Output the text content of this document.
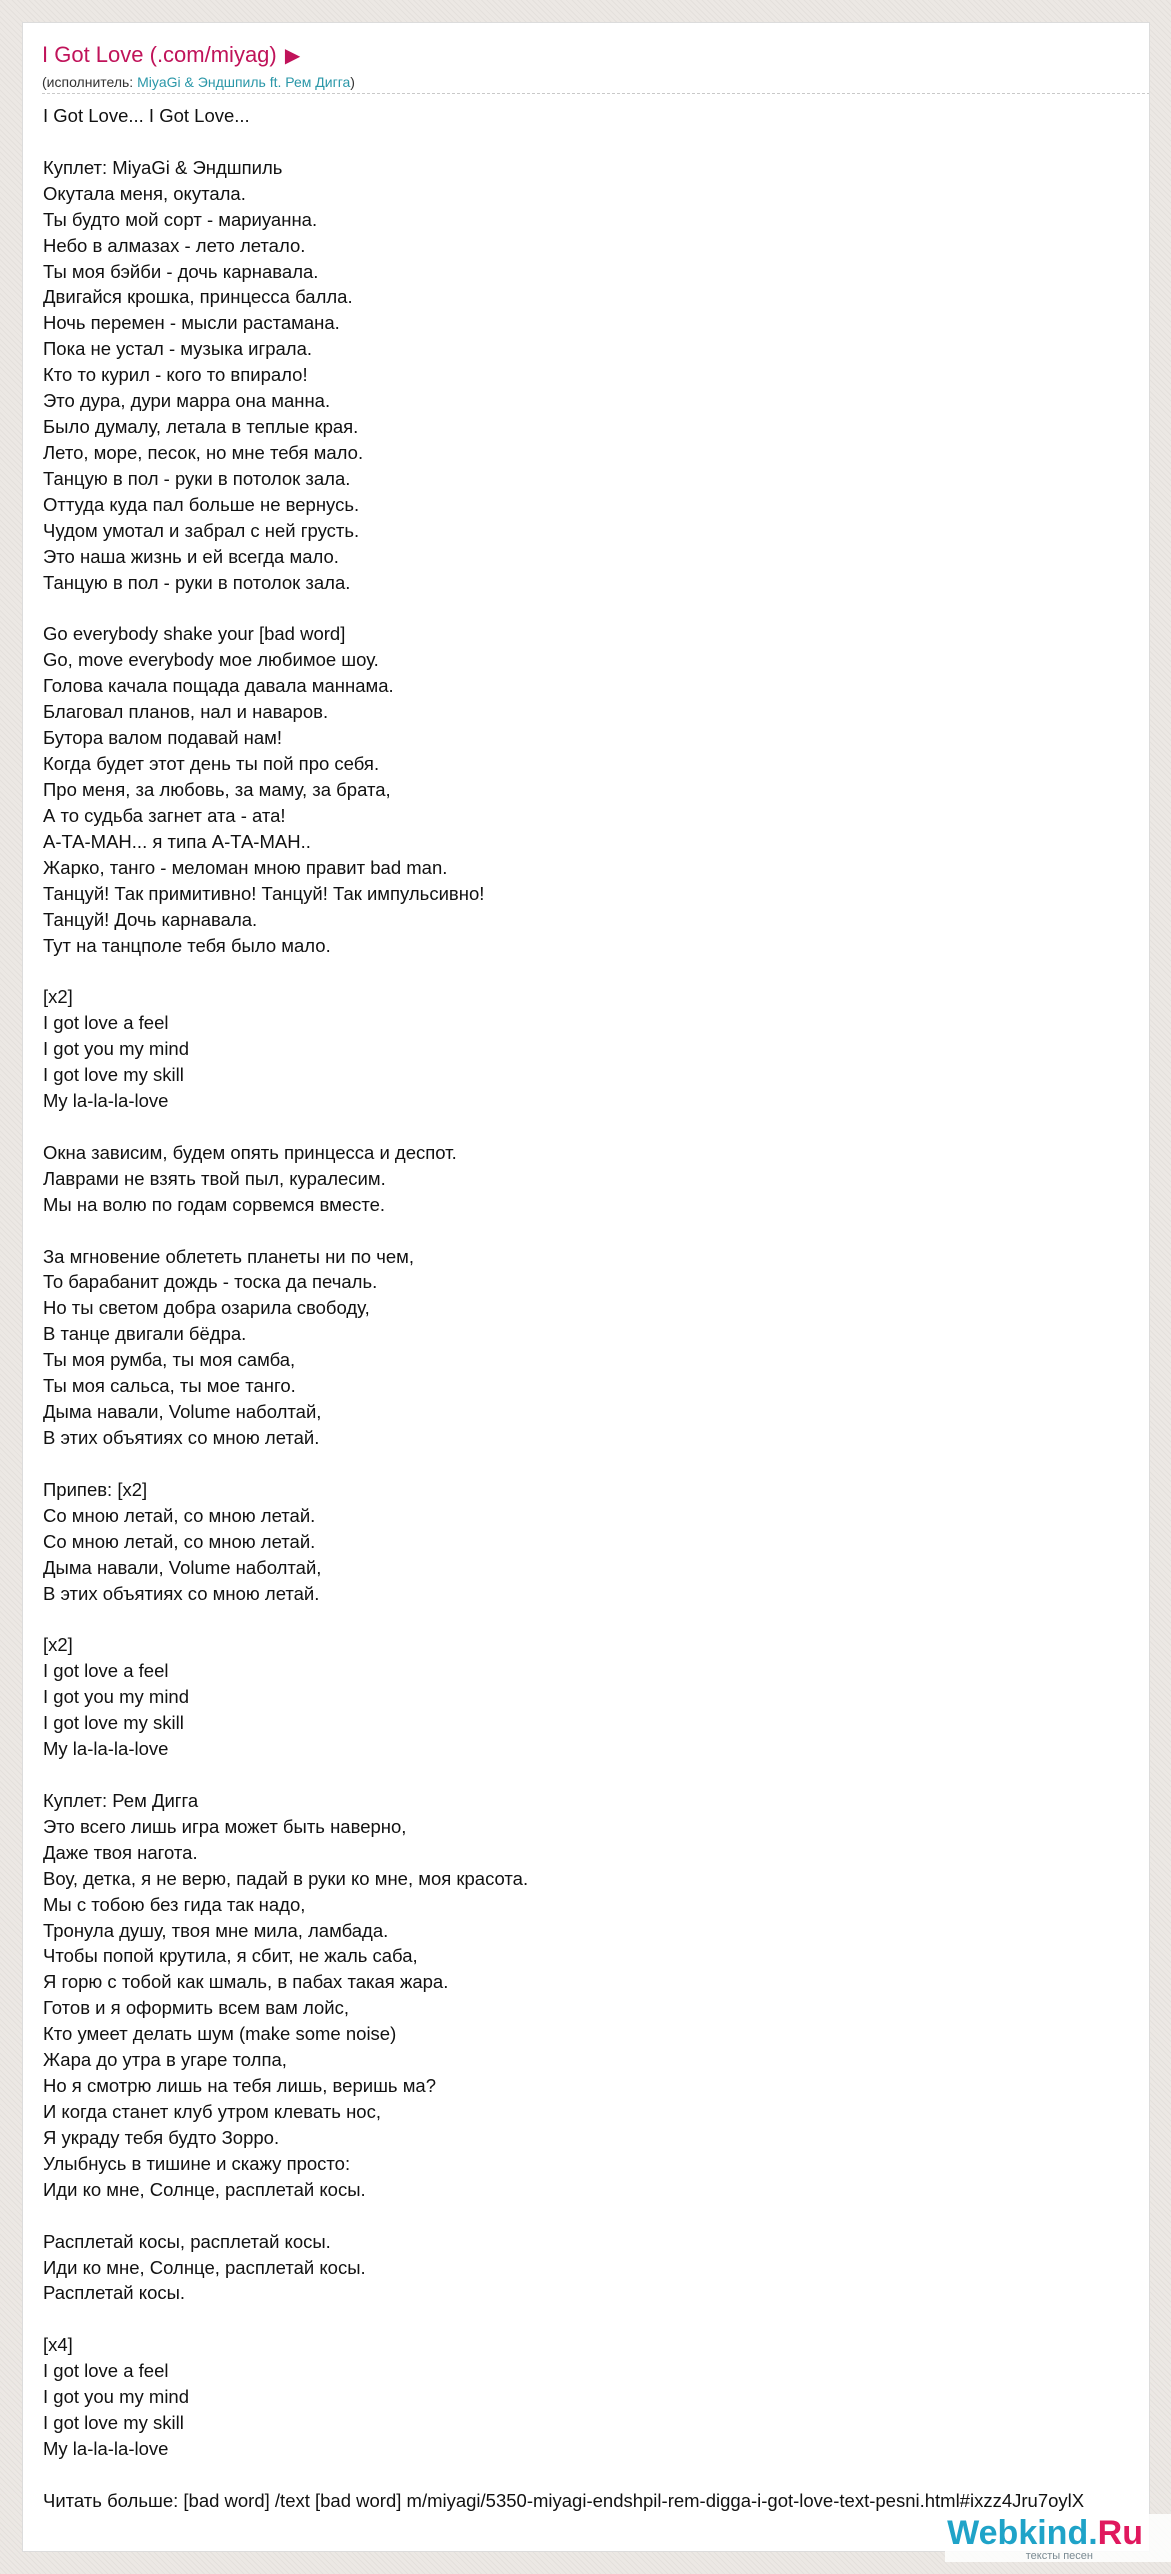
I Got Love (.com/miyag) ▶
(исполнитель: MiyaGi & Эндшпиль ft. Рем Дигга)
I Got Love... I Got Love...

Куплет: MiyaGi & Эндшпиль
Окутала меня, окутала.
Ты будто мой сорт - мариуанна.
Небо в алмазах - лето летало.
Ты моя бэйби - дочь карнавала.
Двигайся крошка, принцесса балла.
Ночь перемен - мысли растамана.
Пока не устал - музыка играла.
Кто то курил - кого то впирало!
Это дура, дури марра она манна.
Было думалу, летала в теплые края.
Лето, море, песок, но мне тебя мало.
Танцую в пол - руки в потолок зала.
Оттуда куда пал больше не вернусь.
Чудом умотал и забрал с ней грусть.
Это наша жизнь и ей всегда мало.
Танцую в пол - руки в потолок зала.

Go everybody shake your [bad word]
Go, move everybody мое любимое шоу.
Голова качала пощада давала маннама.
Благовал планов, нал и наваров.
Бутора валом подавай нам!
Когда будет этот день ты пой про себя.
Про меня, за любовь, за маму, за брата,
А то судьба загнет ата - ата!
А-ТА-МАН... я типа А-ТА-МАН..
Жарко, танго - меломан мною правит bad man.
Танцуй! Так примитивно! Танцуй! Так импульсивно!
Танцуй! Дочь карнавала.
Тут на танцполе тебя было мало.

[x2]
I got love a feel
I got you my mind
I got love my skill
My la-la-la-love

Окна зависим, будем опять принцесса и деспот.
Лаврами не взять твой пыл, куралесим.
Мы на волю по годам сорвемся вместе.

За мгновение облететь планеты ни по чем,
То барабанит дождь - тоска да печаль.
Но ты светом добра озарила свободу,
В танце двигали бёдра.
Ты моя румба, ты моя самба,
Ты моя сальса, ты мое танго.
Дыма навали, Volume наболтай,
В этих объятиях со мною летай.

Припев: [x2]
Со мною летай, со мною летай.
Со мною летай, со мною летай.
Дыма навали, Volume наболтай,
В этих объятиях со мною летай.

[x2]
I got love a feel
I got you my mind
I got love my skill
My la-la-la-love

Куплет: Рем Дигга
Это всего лишь игра может быть наверно,
Даже твоя нагота.
Воу, детка, я не верю, падай в руки ко мне, моя красота.
Мы с тобою без гида так надо,
Тронула душу, твоя мне мила, ламбада.
Чтобы попой крутила, я сбит, не жаль саба,
Я горю с тобой как шмаль, в пабах такая жара.
Готов и я оформить всем вам лойс,
Кто умеет делать шум (make some noise)
Жара до утра в угаре толпа,
Но я смотрю лишь на тебя лишь, веришь ма?
И когда станет клуб утром клевать нос,
Я украду тебя будто Зорро.
Улыбнусь в тишине и скажу просто:
Иди ко мне, Солнце, расплетай косы.

Расплетай косы, расплетай косы.
Иди ко мне, Солнце, расплетай косы.
Расплетай косы.

[x4]
I got love a feel
I got you my mind
I got love my skill
My la-la-la-love

Читать больше: [bad word] /text [bad word] m/miyagi/5350-miyagi-endshpil-rem-digga-i-got-love-text-pesni.html#ixzz4Jru7oylX
Webkind.Ru
тексты песен
